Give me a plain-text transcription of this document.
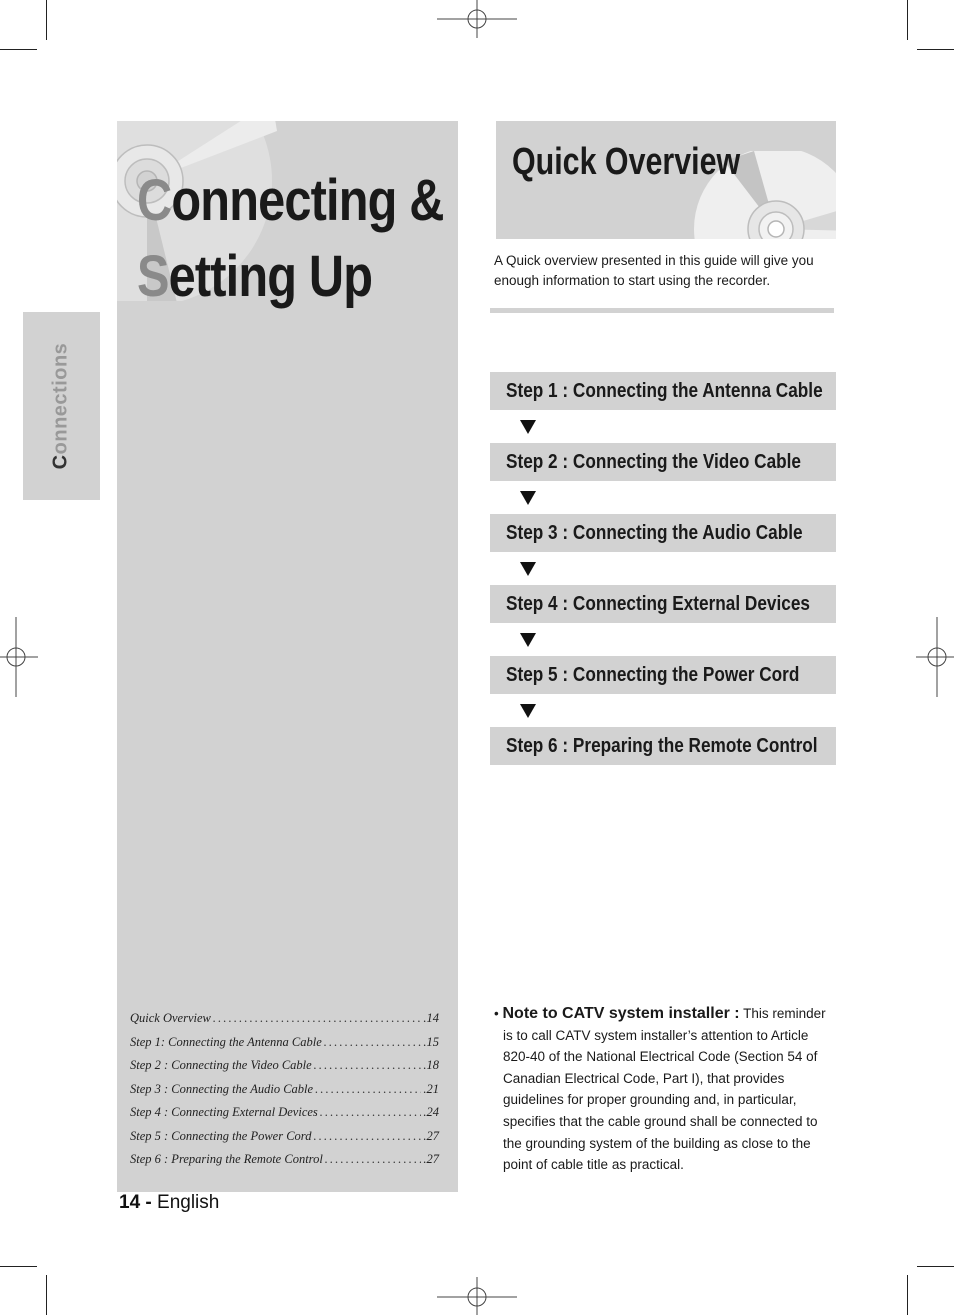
Connections
Connecting &
Setting Up
Quick Overview . . .	.14
Step 1: Connecting the Antenna Cable . . .	.15
Step 2 : Connecting the Video Cable . . .	.18
Step 3 : Connecting the Audio Cable . . .	.21
Step 4 : Connecting External Devices . . .	.24
Step 5 : Connecting the Power Cord . . .	.27
Step 6 : Preparing the Remote Control . . .	.27
14 - English
Quick Overview

A Quick overview presented in this guide will give you enough information to start using the recorder.

Step 1 : Connecting the Antenna Cable
Step 2 : Connecting the Video Cable
Step 3 : Connecting the Audio Cable
Step 4 : Connecting External Devices
Step 5 : Connecting the Power Cord
Step 6 : Preparing the Remote Control

• Note to CATV system installer : This reminder is to call CATV system installer’s attention to Article 820-40 of the National Electrical Code (Section 54 of Canadian Electrical Code, Part I), that provides guidelines for proper grounding and, in particular, specifies that the cable ground shall be connected to the grounding system of the building as close to the point of cable title as practical.
